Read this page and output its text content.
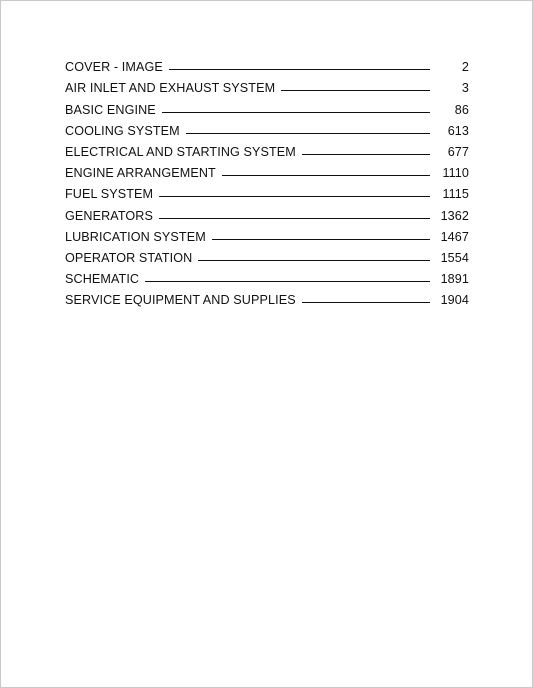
COVER - IMAGE	2
AIR INLET AND EXHAUST SYSTEM	3
BASIC ENGINE	86
COOLING SYSTEM	613
ELECTRICAL AND STARTING SYSTEM	677
ENGINE ARRANGEMENT	1110
FUEL SYSTEM	1115
GENERATORS	1362
LUBRICATION SYSTEM	1467
OPERATOR STATION	1554
SCHEMATIC	1891
SERVICE EQUIPMENT AND SUPPLIES	1904
